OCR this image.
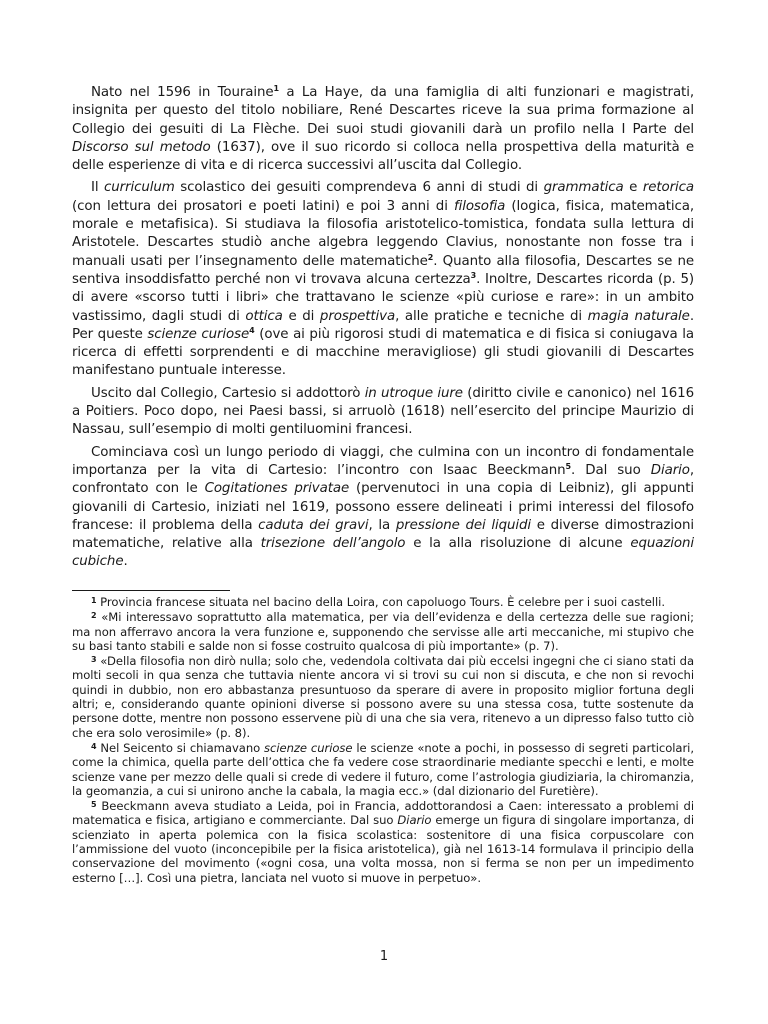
Nato nel 1596 in Touraine$^1$ a La Haye, da una famiglia di alti funzionari e magistrati, insignita per questo del titolo nobiliare, René Descartes riceve la sua prima formazione al Collegio dei gesuiti di La Flèche. Dei suoi studi giovanili darà un profilo nella I Parte del Discorso sul metodo (1637), ove il suo ricordo si colloca nella prospettiva della maturità e delle esperienze di vita e di ricerca successivi all’uscita dal Collegio.

Il curriculum scolastico dei gesuiti comprendeva 6 anni di studi di grammatica e retorica (con lettura dei prosatori e poeti latini) e poi 3 anni di filosofia (logica, fisica, matematica, morale e metafisica). Si studiava la filosofia aristotelico-tomistica, fondata sulla lettura di Aristotele. Descartes studiò anche algebra leggendo Clavius, nonostante non fosse tra i manuali usati per l’insegnamento delle matematiche$^2$. Quanto alla filosofia, Descartes se ne sentiva insoddisfatto perché non vi trovava alcuna certezza$^3$. Inoltre, Descartes ricorda (p. 5) di avere «scorso tutti i libri» che trattavano le scienze «più curiose e rare»: in un ambito vastissimo, dagli studi di ottica e di prospettiva, alle pratiche e tecniche di magia naturale. Per queste scienze curiose$^4$ (ove ai più rigorosi studi di matematica e di fisica si coniugava la ricerca di effetti sorprendenti e di macchine meravigliose) gli studi giovanili di Descartes manifestano puntuale interesse.

Uscito dal Collegio, Cartesio si addottorò in utroque iure (diritto civile e canonico) nel 1616 a Poitiers. Poco dopo, nei Paesi bassi, si arruolò (1618) nell’esercito del principe Maurizio di Nassau, sull’esempio di molti gentiluomini francesi.

Cominciava così un lungo periodo di viaggi, che culmina con un incontro di fondamentale importanza per la vita di Cartesio: l’incontro con Isaac Beeckmann$^5$. Dal suo Diario, confrontato con le Cogitationes privatae (pervenutoci in una copia di Leibniz), gli appunti giovanili di Cartesio, iniziati nel 1619, possono essere delineati i primi interessi del filosofo francese: il problema della caduta dei gravi, la pressione dei liquidi e diverse dimostrazioni matematiche, relative alla trisezione dell’angolo e la alla risoluzione di alcune equazioni cubiche.

$^1$ Provincia francese situata nel bacino della Loira, con capoluogo Tours. È celebre per i suoi castelli.

$^2$ «Mi interessavo soprattutto alla matematica, per via dell’evidenza e della certezza delle sue ragioni; ma non afferravo ancora la vera funzione e, supponendo che servisse alle arti meccaniche, mi stupivo che su basi tanto stabili e salde non si fosse costruito qualcosa di più importante» (p. 7).

$^3$ «Della filosofia non dirò nulla; solo che, vedendola coltivata dai più eccelsi ingegni che ci siano stati da molti secoli in qua senza che tuttavia niente ancora vi si trovi su cui non si discuta, e che non si revochi quindi in dubbio, non ero abbastanza presuntuoso da sperare di avere in proposito miglior fortuna degli altri; e, considerando quante opinioni diverse si possono avere su una stessa cosa, tutte sostenute da persone dotte, mentre non possono esservene più di una che sia vera, ritenevo a un dipresso falso tutto ciò che era solo verosimile» (p. 8).

$^4$ Nel Seicento si chiamavano scienze curiose le scienze «note a pochi, in possesso di segreti particolari, come la chimica, quella parte dell’ottica che fa vedere cose straordinarie mediante specchi e lenti, e molte scienze vane per mezzo delle quali si crede di vedere il futuro, come l’astrologia giudiziaria, la chiromanzia, la geomanzia, a cui si unirono anche la cabala, la magia ecc.» (dal dizionario del Furetière).

$^5$ Beeckmann aveva studiato a Leida, poi in Francia, addottorandosi a Caen: interessato a problemi di matematica e fisica, artigiano e commerciante. Dal suo Diario emerge un figura di singolare importanza, di scienziato in aperta polemica con la fisica scolastica: sostenitore di una fisica corpuscolare con l’ammissione del vuoto (inconcepibile per la fisica aristotelica), già nel 1613-14 formulava il principio della conservazione del movimento («ogni cosa, una volta mossa, non si ferma se non per un impedimento esterno […]. Così una pietra, lanciata nel vuoto si muove in perpetuo».

1
